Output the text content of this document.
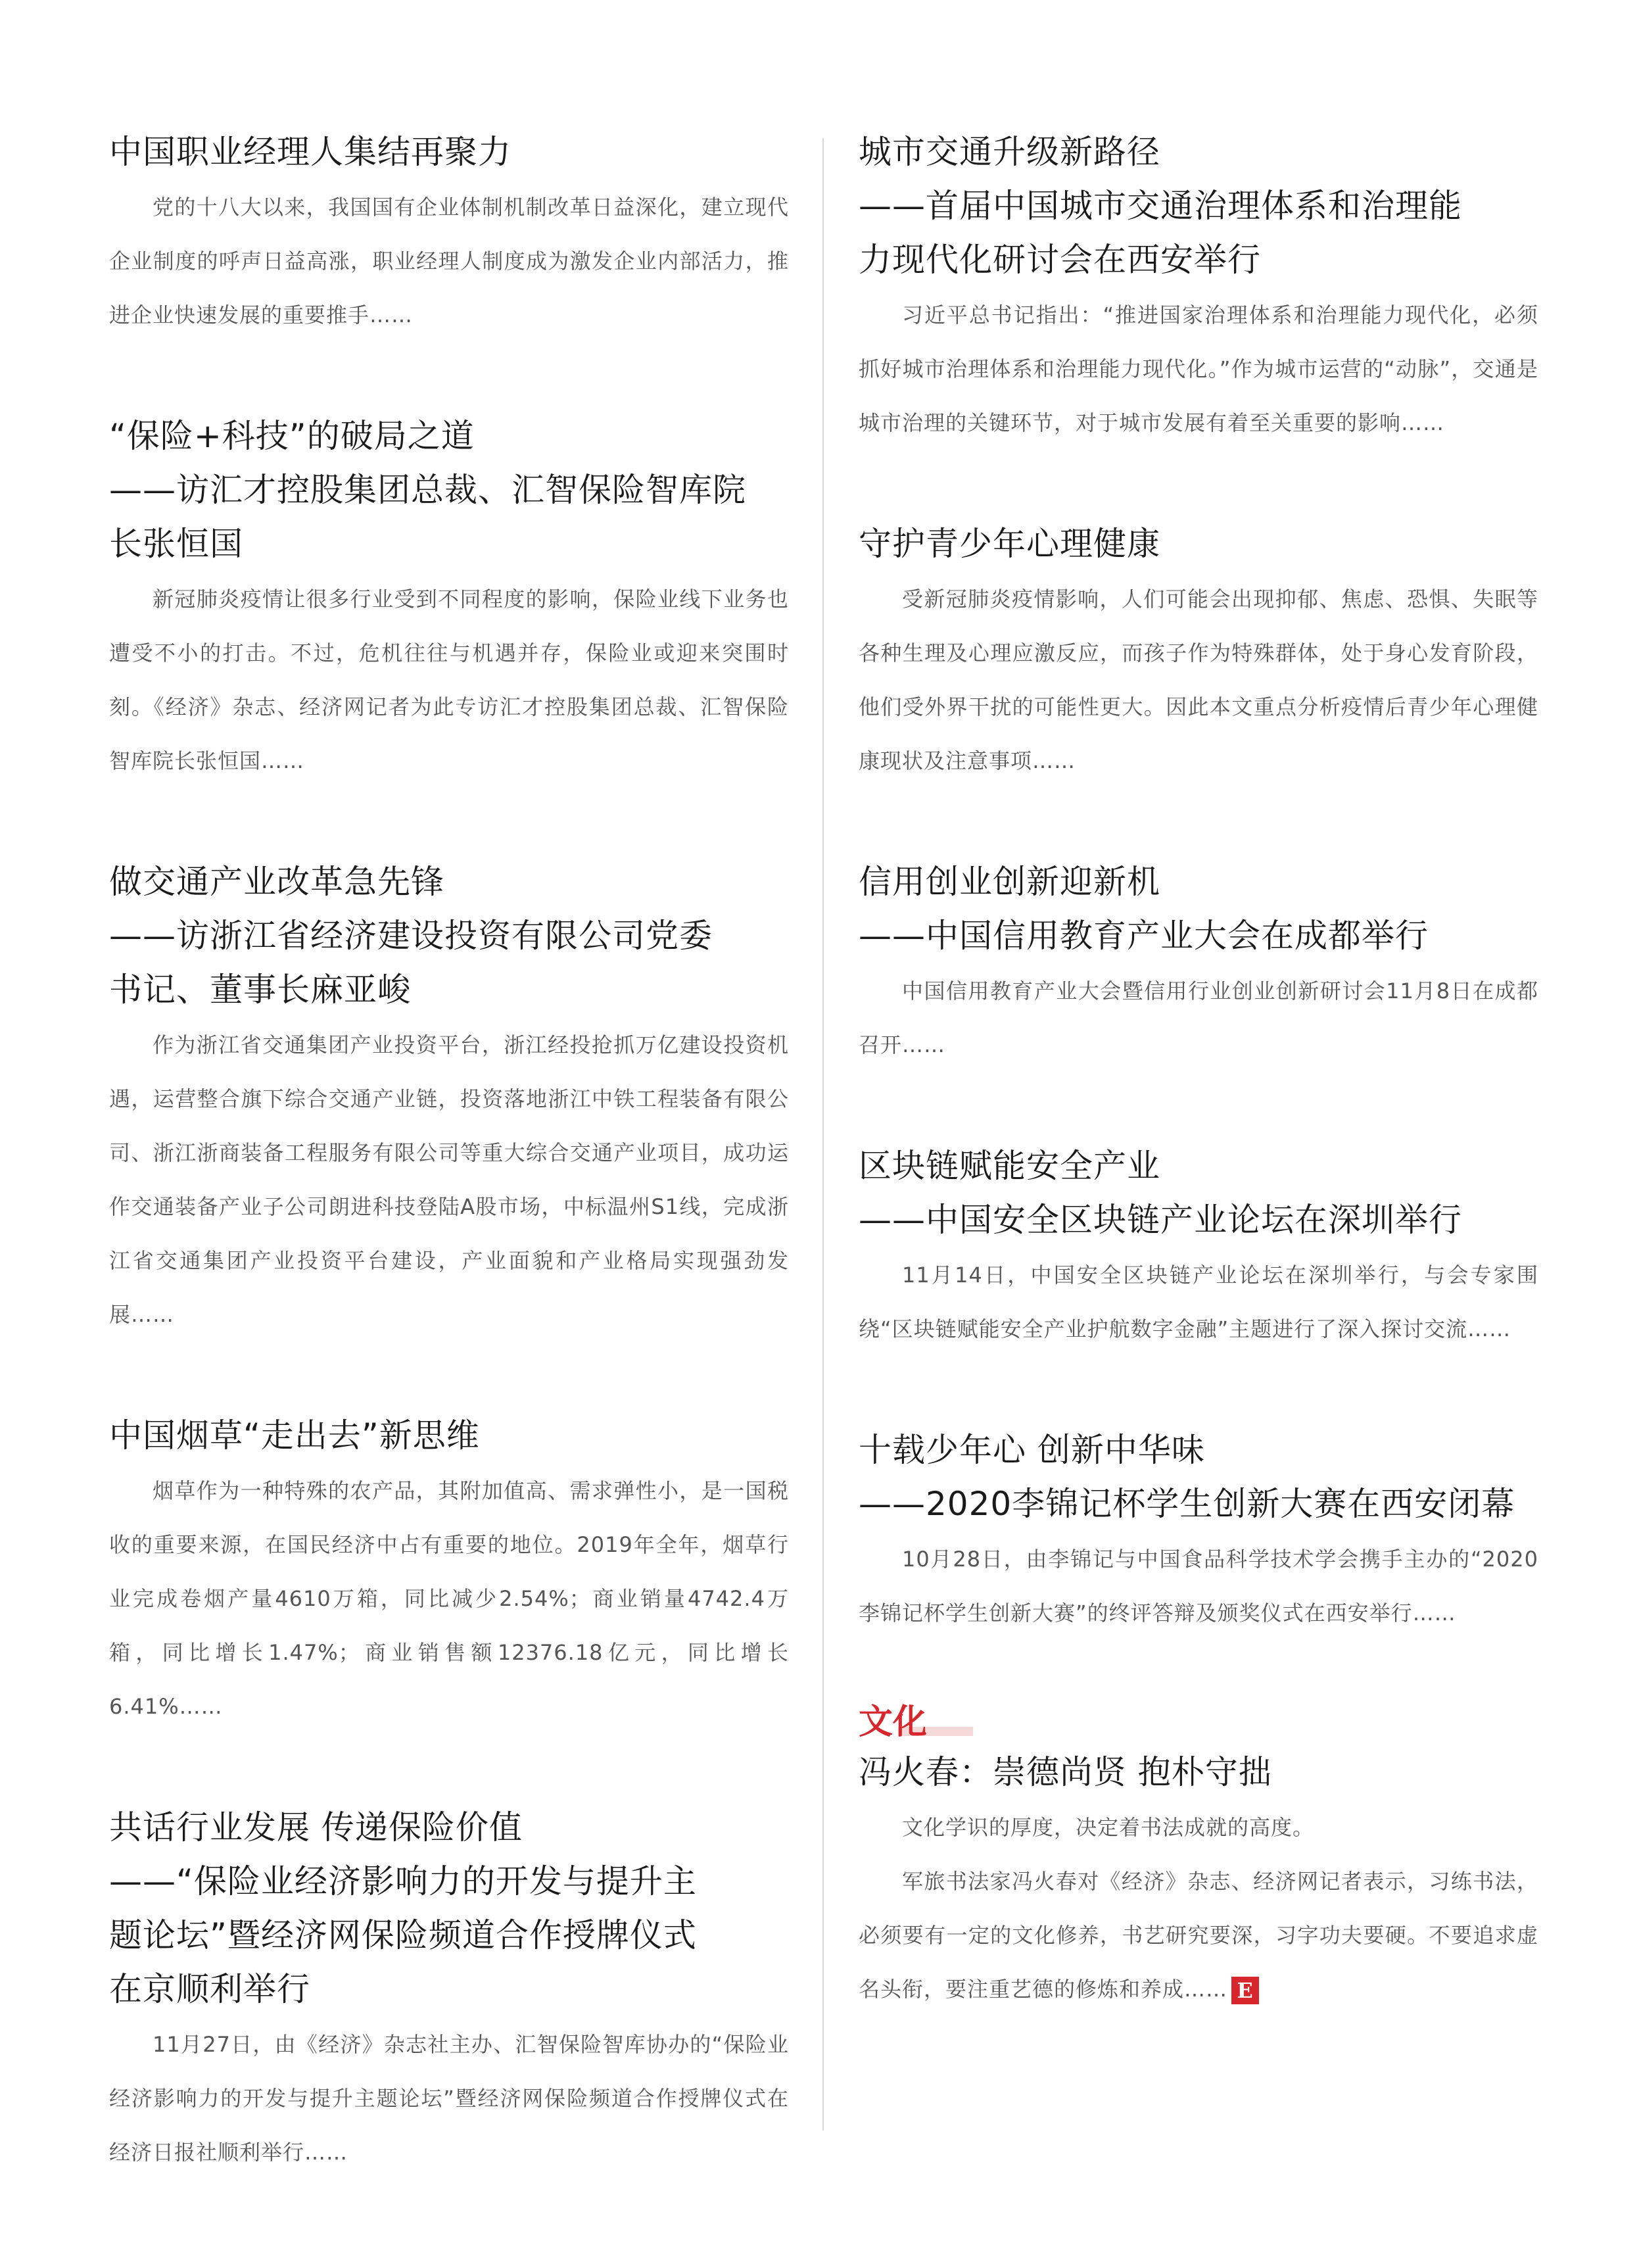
中国职业经理人集结再聚力

党的十八大以来，我国国有企业体制机制改革日益深化，建立现代企业制度的呼声日益高涨，职业经理人制度成为激发企业内部活力，推进企业快速发展的重要推手……

“保险+科技”的破局之道
——访汇才控股集团总裁、汇智保险智库院
长张恒国

新冠肺炎疫情让很多行业受到不同程度的影响，保险业线下业务也遭受不小的打击。不过，危机往往与机遇并存，保险业或迎来突围时刻。《经济》杂志、经济网记者为此专访汇才控股集团总裁、汇智保险智库院长张恒国……

做交通产业改革急先锋
——访浙江省经济建设投资有限公司党委
书记、董事长麻亚峻

作为浙江省交通集团产业投资平台，浙江经投抢抓万亿建设投资机遇，运营整合旗下综合交通产业链，投资落地浙江中铁工程装备有限公司、浙江浙商装备工程服务有限公司等重大综合交通产业项目，成功运作交通装备产业子公司朗进科技登陆A股市场，中标温州S1线，完成浙江省交通集团产业投资平台建设，产业面貌和产业格局实现强劲发展……

中国烟草“走出去”新思维

烟草作为一种特殊的农产品，其附加值高、需求弹性小，是一国税收的重要来源，在国民经济中占有重要的地位。2019年全年，烟草行业完成卷烟产量4610万箱，同比减少2.54%；商业销量4742.4万箱，同比增长1.47%；商业销售额12376.18亿元，同比增长6.41%……

共话行业发展 传递保险价值
——“保险业经济影响力的开发与提升主
题论坛”暨经济网保险频道合作授牌仪式
在京顺利举行

11月27日，由《经济》杂志社主办、汇智保险智库协办的“保险业经济影响力的开发与提升主题论坛”暨经济网保险频道合作授牌仪式在经济日报社顺利举行……

城市交通升级新路径
——首届中国城市交通治理体系和治理能
力现代化研讨会在西安举行

习近平总书记指出：“推进国家治理体系和治理能力现代化，必须抓好城市治理体系和治理能力现代化。”作为城市运营的“动脉”，交通是城市治理的关键环节，对于城市发展有着至关重要的影响……

守护青少年心理健康

受新冠肺炎疫情影响，人们可能会出现抑郁、焦虑、恐惧、失眠等各种生理及心理应激反应，而孩子作为特殊群体，处于身心发育阶段，他们受外界干扰的可能性更大。因此本文重点分析疫情后青少年心理健康现状及注意事项……

信用创业创新迎新机
——中国信用教育产业大会在成都举行

中国信用教育产业大会暨信用行业创业创新研讨会11月8日在成都召开……

区块链赋能安全产业
——中国安全区块链产业论坛在深圳举行

11月14日，中国安全区块链产业论坛在深圳举行，与会专家围绕“区块链赋能安全产业护航数字金融”主题进行了深入探讨交流……

十载少年心 创新中华味
——2020李锦记杯学生创新大赛在西安闭幕

10月28日，由李锦记与中国食品科学技术学会携手主办的“2020李锦记杯学生创新大赛”的终评答辩及颁奖仪式在西安举行……

文化
冯火春：崇德尚贤 抱朴守拙

文化学识的厚度，决定着书法成就的高度。

军旅书法家冯火春对《经济》杂志、经济网记者表示，习练书法，必须要有一定的文化修养，书艺研究要深，习字功夫要硬。不要追求虚名头衔，要注重艺德的修炼和养成…… E
